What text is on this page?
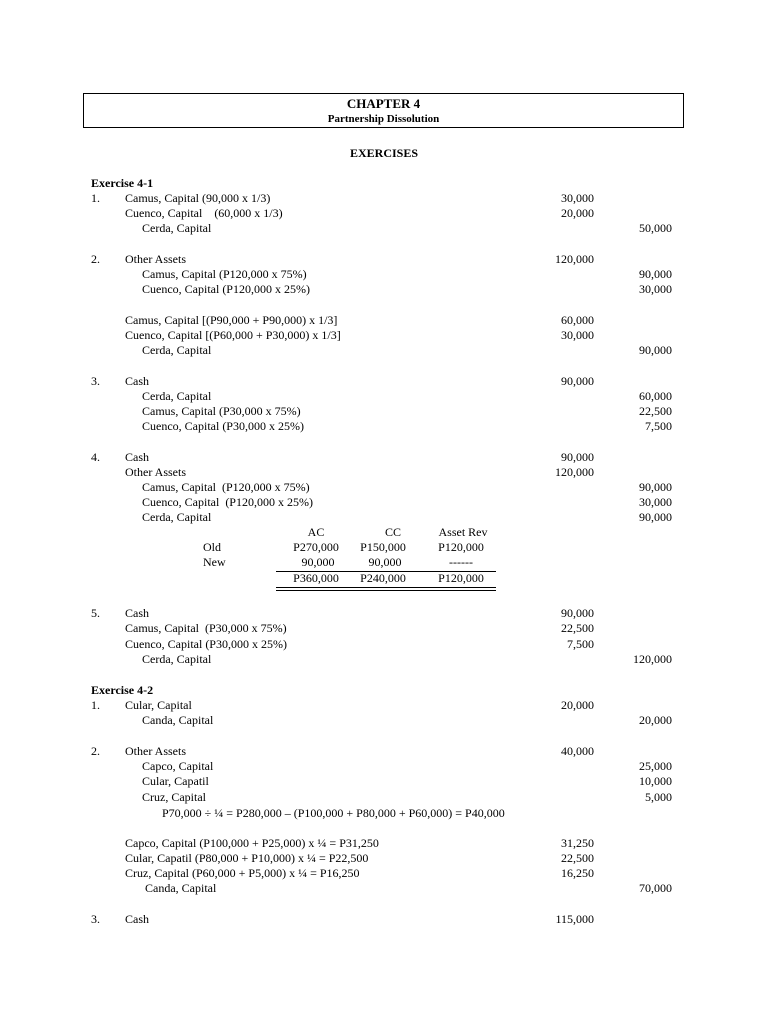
CHAPTER 4
Partnership Dissolution
EXERCISES
Exercise 4-1
1. Camus, Capital (90,000 x 1/3)	30,000
Cuenco, Capital    (60,000 x 1/3)	20,000
Cerda, Capital	50,000
2. Other Assets	120,000
Camus, Capital (P120,000 x 75%)	90,000
Cuenco, Capital (P120,000 x 25%)	30,000
Camus, Capital [(P90,000 + P90,000) x 1/3]	60,000
Cuenco, Capital [(P60,000 + P30,000) x 1/3]	30,000
Cerda, Capital	90,000
3. Cash	90,000
Cerda, Capital	60,000
Camus, Capital (P30,000 x 75%)	22,500
Cuenco, Capital (P30,000 x 25%)	7,500
4. Cash	90,000
Other Assets	120,000
Camus, Capital  (P120,000 x 75%)	90,000
Cuenco, Capital  (P120,000 x 25%)	30,000
Cerda, Capital	90,000
AC	CC	Asset Rev
Old	P270,000	P150,000	P120,000
New	90,000	90,000	------
P360,000	P240,000	P120,000
5. Cash	90,000
Camus, Capital  (P30,000 x 75%)	22,500
Cuenco, Capital (P30,000 x 25%)	7,500
Cerda, Capital	120,000
Exercise 4-2
1. Cular, Capital	20,000
Canda, Capital	20,000
2. Other Assets	40,000
Capco, Capital	25,000
Cular, Capatil	10,000
Cruz, Capital	5,000
P70,000 ÷ ¼ = P280,000 – (P100,000 + P80,000 + P60,000) = P40,000
Capco, Capital (P100,000 + P25,000) x ¼ = P31,250	31,250
Cular, Capatil (P80,000 + P10,000) x ¼ = P22,500	22,500
Cruz, Capital (P60,000 + P5,000) x ¼ = P16,250	16,250
Canda, Capital	70,000
3. Cash	115,000
